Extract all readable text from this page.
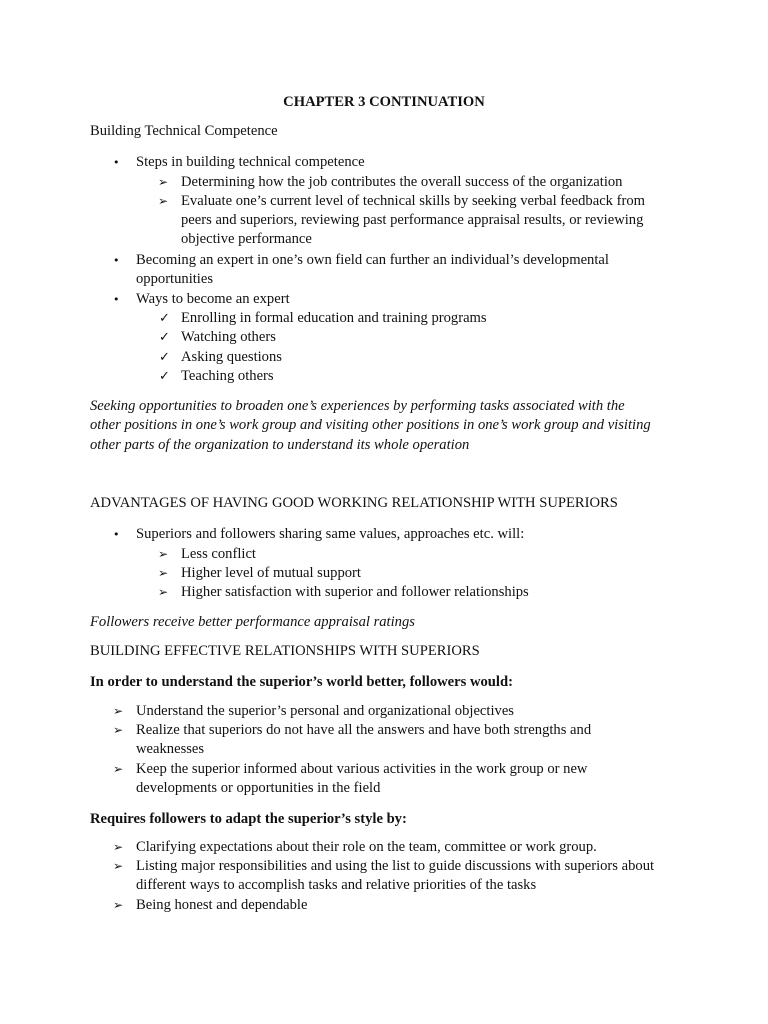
CHAPTER 3 CONTINUATION
Building Technical Competence
• Steps in building technical competence
➢ Determining how the job contributes the overall success of the organization
➢ Evaluate one’s current level of technical skills by seeking verbal feedback from
peers and superiors, reviewing past performance appraisal results, or reviewing
objective performance
• Becoming an expert in one’s own field can further an individual’s developmental
opportunities
• Ways to become an expert
✓ Enrolling in formal education and training programs
✓ Watching others
✓ Asking questions
✓ Teaching others
Seeking opportunities to broaden one’s experiences by performing tasks associated with the
other positions in one’s work group and visiting other positions in one’s work group and visiting
other parts of the organization to understand its whole operation
ADVANTAGES OF HAVING GOOD WORKING RELATIONSHIP WITH SUPERIORS
• Superiors and followers sharing same values, approaches etc. will:
➢ Less conflict
➢ Higher level of mutual support
➢ Higher satisfaction with superior and follower relationships
Followers receive better performance appraisal ratings
BUILDING EFFECTIVE RELATIONSHIPS WITH SUPERIORS
In order to understand the superior’s world better, followers would:
➢ Understand the superior’s personal and organizational objectives
➢ Realize that superiors do not have all the answers and have both strengths and
weaknesses
➢ Keep the superior informed about various activities in the work group or new
developments or opportunities in the field
Requires followers to adapt the superior’s style by:
➢ Clarifying expectations about their role on the team, committee or work group.
➢ Listing major responsibilities and using the list to guide discussions with superiors about
different ways to accomplish tasks and relative priorities of the tasks
➢ Being honest and dependable
